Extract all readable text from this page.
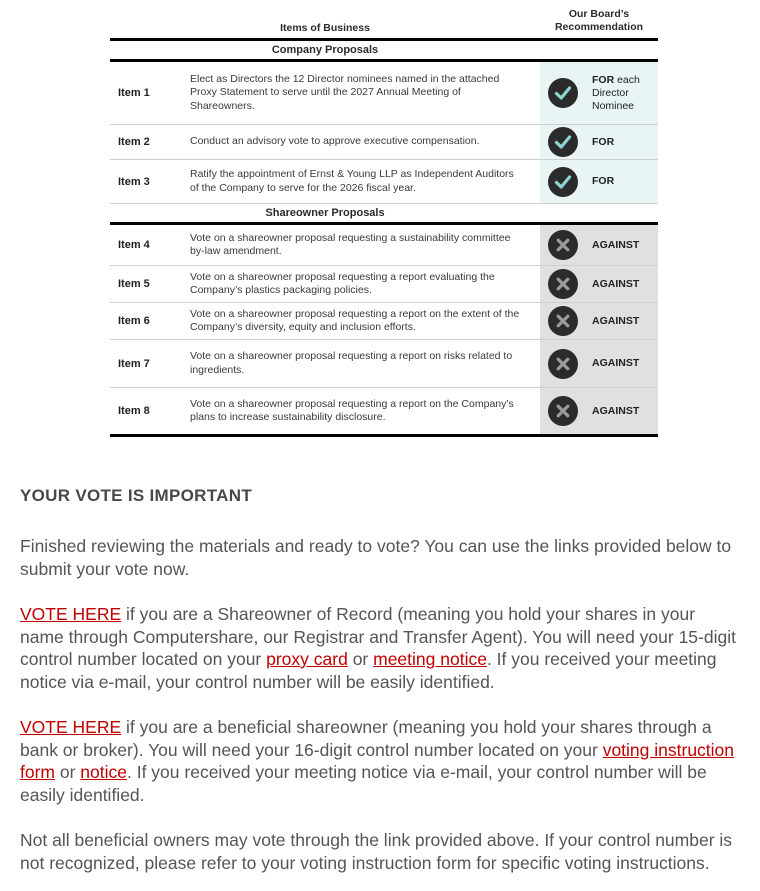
Items of Business
Our Board’s Recommendation
Company Proposals
Item 1
Elect as Directors the 12 Director nominees named in the attached Proxy Statement to serve until the 2027 Annual Meeting of Shareowners.
FOR each Director Nominee
Item 2	Conduct an advisory vote to approve executive compensation.	FOR
Item 3
Ratify the appointment of Ernst & Young LLP as Independent Auditors of the Company to serve for the 2026 fiscal year.
FOR
Shareowner Proposals
Item 4
Vote on a shareowner proposal requesting a sustainability committee by-law amendment.
AGAINST
Item 5
Vote on a shareowner proposal requesting a report evaluating the Company’s plastics packaging policies.
AGAINST
Item 6
Vote on a shareowner proposal requesting a report on the extent of the Company’s diversity, equity and inclusion efforts.
AGAINST
Item 7
Vote on a shareowner proposal requesting a report on risks related to ingredients.
AGAINST
Item 8
Vote on a shareowner proposal requesting a report on the Company’s plans to increase sustainability disclosure.
AGAINST
YOUR VOTE IS IMPORTANT

Finished reviewing the materials and ready to vote? You can use the links provided below to submit your vote now.

VOTE HERE if you are a Shareowner of Record (meaning you hold your shares in your name through Computershare, our Registrar and Transfer Agent). You will need your 15-digit control number located on your proxy card or meeting notice. If you received your meeting notice via e-mail, your control number will be easily identified.

VOTE HERE if you are a beneficial shareowner (meaning you hold your shares through a bank or broker). You will need your 16-digit control number located on your voting instruction form or notice. If you received your meeting notice via e-mail, your control number will be easily identified.

Not all beneficial owners may vote through the link provided above. If your control number is not recognized, please refer to your voting instruction form for specific voting instructions.
